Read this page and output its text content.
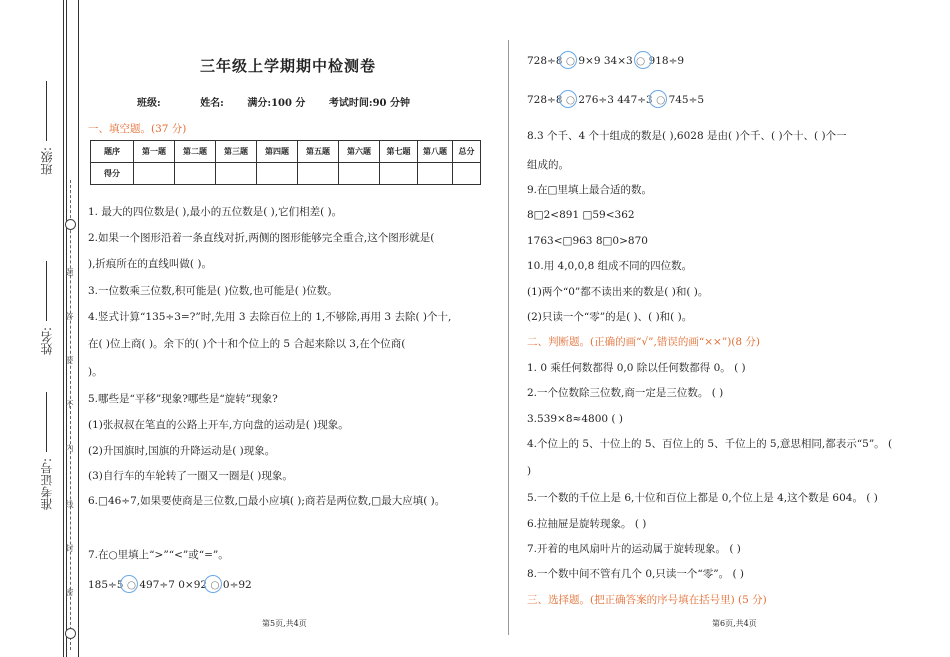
班级:
姓名:
准考证号:
题
答
要
不
内
线
封
密
三年级上学期期中检测卷
班级:	姓名: 满分:100 分 考试时间:90 分钟
一、填空题。(37 分)
1. 最大的四位数是( ),最小的五位数是( ),它们相差( )。
2.如果一个图形沿着一条直线对折,两侧的图形能够完全重合,这个图形就是(
),折痕所在的直线叫做( )。
3.一位数乘三位数,积可能是( )位数,也可能是( )位数。
4.竖式计算“135÷3=?”时,先用 3 去除百位上的 1,不够除,再用 3 去除( )个十,
在( )位上商( )。余下的( )个十和个位上的 5 合起来除以 3,在个位商(
)。
5.哪些是“平移”现象?哪些是“旋转”现象?
(1)张叔叔在笔直的公路上开车,方向盘的运动是( )现象。
(2)升国旗时,国旗的升降运动是( )现象。
(3)自行车的车轮转了一圈又一圈是( )现象。
6.□46÷7,如果要使商是三位数,□最小应填( );商若是两位数,□最大应填( )。
7.在○里填上“>”“<”或“=”。
185÷5 ○ 497÷7 0×92 ○ 0÷92
题序	第一题	第二题	第三题	第四题	第五题	第六题	第七题	第八题	总分
得分									
728÷8 ○ 9×9 34×3 ○ 918÷9
728÷8 ○ 276÷3 447÷3 ○ 745÷5
8.3 个千、4 个十组成的数是( ),6028 是由( )个千、( )个十、( )个一
组成的。
9.在□里填上最合适的数。
8□2<891 □59<362
1763<□963 8□0>870
10.用 4,0,0,8 组成不同的四位数。
(1)两个“0”都不读出来的数是( )和( )。
(2)只读一个“零”的是( )、( )和( )。
二、判断题。(正确的画“√”,错误的画“××”)(8 分)
1. 0 乘任何数都得 0,0 除以任何数都得 0。 ( )
2.一个位数除三位数,商一定是三位数。 ( )
3.539×8≈4800 ( )
4.个位上的 5、十位上的 5、百位上的 5、千位上的 5,意思相同,都表示“5”。 (
)
5.一个数的千位上是 6,十位和百位上都是 0,个位上是 4,这个数是 604。 ( )
6.拉抽屉是旋转现象。 ( )
7.开着的电风扇叶片的运动属于旋转现象。 ( )
8.一个数中间不管有几个 0,只读一个“零”。 ( )
三、选择题。(把正确答案的序号填在括号里) (5 分)
第5页,共4页	第6页,共4页
